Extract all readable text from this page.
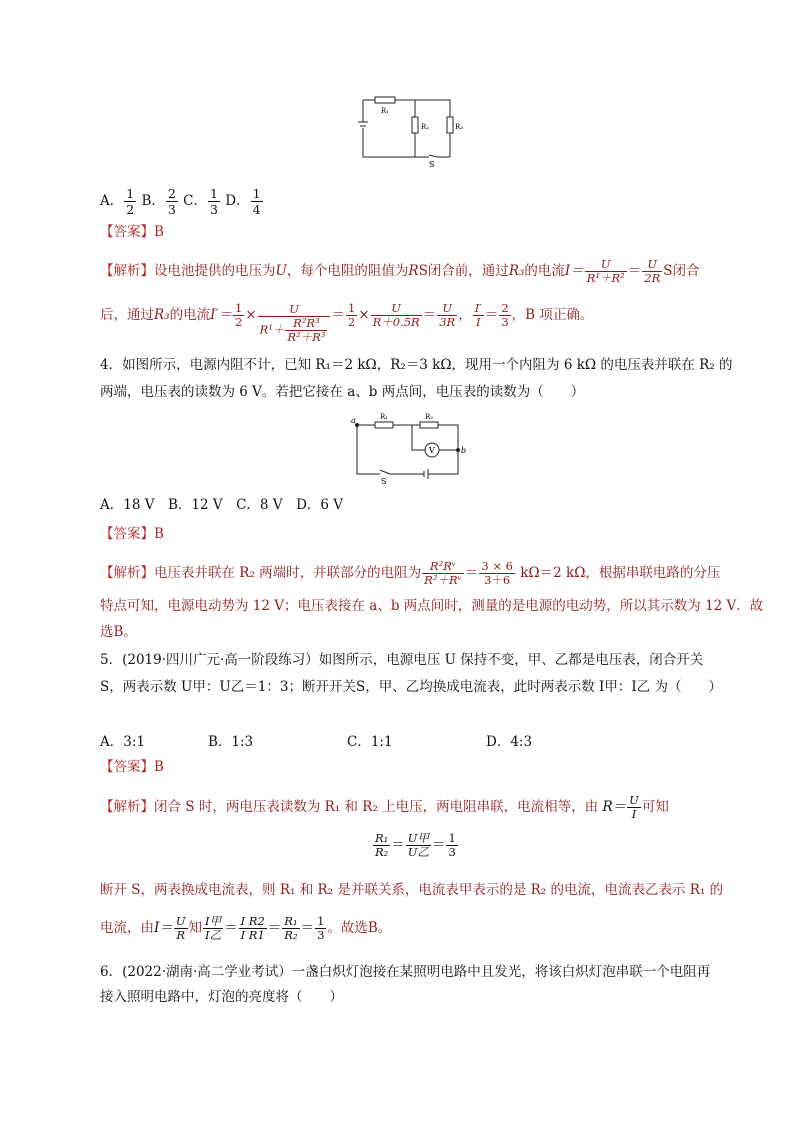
R₁
R₂	R₃
S
A． $\frac{1}{2}$ B． $\frac{2}{3}$ C． $\frac{1}{3}$ D． $\frac{1}{4}$
【答案】B
【解析】设电池提供的电压为U，每个电阻的阻值为RS闭合前，通过R₃的电流$I= \frac{U}{\text{R¹＋R²}} = \frac{U}{2R}$ S闭合
后，通过R₃的电流$I'= \frac{1}{2} \times \frac{U}{R^1+ \frac{\text{R²R³}}{\text{R²＋R³}}} = \frac{1}{2} \times \frac{U}{R+0.5R} = \frac{U}{3R}$ ， $\frac{I'}{I} = \frac{2}{3}$ ，B 项正确。
4．如图所示，电源内阻不计，已知 R₁＝2 kΩ，R₂＝3 kΩ，现用一个内阻为 6 kΩ 的电压表并联在 R₂ 的
两端，电压表的读数为 6 V。若把它接在 a、b 两点间，电压表的读数为（　　）
a	R₁	R₂
V	b
S
A．18 V　B．12 V　C．8 V　D．6 V
【答案】B
【解析】电压表并联在 R₂ 两端时，并联部分的电阻为 $\frac{\text{R²Rᵛ}}{\text{R²＋Rᵛ}} = \frac{3 \times 6}{3+6} k\Omega=2$ kΩ，根据串联电路的分压
特点可知，电源电动势为 12 V；电压表接在 a、b 两点间时，测量的是电源的电动势，所以其示数为 12 V．故
选B。
5．(2019·四川广元·高一阶段练习）如图所示，电源电压 U 保持不变，甲、乙都是电压表，闭合开关
S，两表示数 U甲：U乙＝1：3；断开开关S，甲、乙均换成电流表，此时两表示数 I甲：I乙 为（　　）
A．3:1	B．1:3	C．1:1	D．4:3
【答案】B
【解析】闭合 S 时，两电压表读数为 R₁ 和 R₂ 上电压，两电阻串联，电流相等，由 $R= \frac{U}{I}$ 可知
$\frac{\text{R₁}}{\text{R₂}} = \frac{\text{U甲}}{\text{U乙}} = \frac{1}{3}$
断开 S，两表换成电流表，则 R₁ 和 R₂ 是并联关系，电流表甲表示的是 R₂ 的电流，电流表乙表示 R₁ 的
电流，由$I= \frac{U}{R}$ 知 $\frac{\text{I甲}}{\text{I乙}} = \frac{\text{I R2}}{\text{I R1}} = \frac{\text{R₁}}{\text{R₂}} = \frac{1}{3}$ 。故选B。
6．(2022·湖南·高二学业考试）一盏白炽灯泡接在某照明电路中且发光，将该白炽灯泡串联一个电阻再
接入照明电路中，灯泡的亮度将（　　）
